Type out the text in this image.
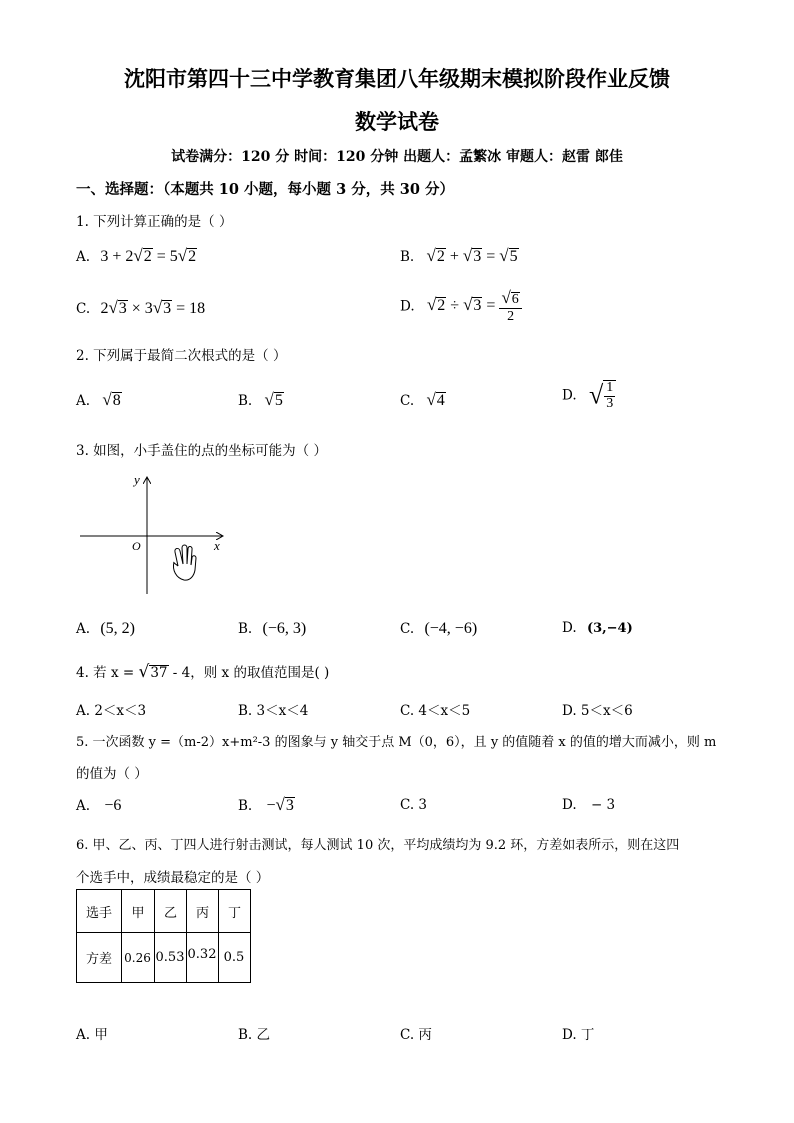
沈阳市第四十三中学教育集团八年级期末模拟阶段作业反馈
数学试卷
试卷满分：120 分 时间：120 分钟 出题人：孟繁冰 审题人：赵雷 郎佳
一、选择题：（本题共 10 小题，每小题 3 分，共 30 分）
1. 下列计算正确的是（ ）
A. 3 + 2√2 = 5√2	B. √2 + √3 = √5
C. 2√3 × 3√3 = 18	D. $√2 \div √3 = \frac{√6}{2}$
2. 下列属于最简二次根式的是（ ）
A. √8	B. √5	C. √4	D. √ $\frac{1}{3}$
3. 如图，小手盖住的点的坐标可能为（ ）
y
x
O
A. (5, 2)	B. (−6, 3)	C. (−4, −6)	D. (3,−4)
4. 若 x = √37 - 4，则 x 的取值范围是( )
A. 2＜x＜3	B. 3＜x＜4	C. 4＜x＜5	D. 5＜x＜6
5. 一次函数 y =（m-2）x+m²-3 的图象与 y 轴交于点 M（0，6），且 y 的值随着 x 的值的增大而减小，则 m
的值为（ ）
A. −6	B. −√3	C. 3	D. − 3
6. 甲、乙、丙、丁四人进行射击测试，每人测试 10 次，平均成绩均为 9.2 环，方差如表所示，则在这四
个选手中，成绩最稳定的是（ ）
选手	甲	乙	丙	丁
方差	0.26	0.53	0.32	0.5
A. 甲	B. 乙	C. 丙	D. 丁
